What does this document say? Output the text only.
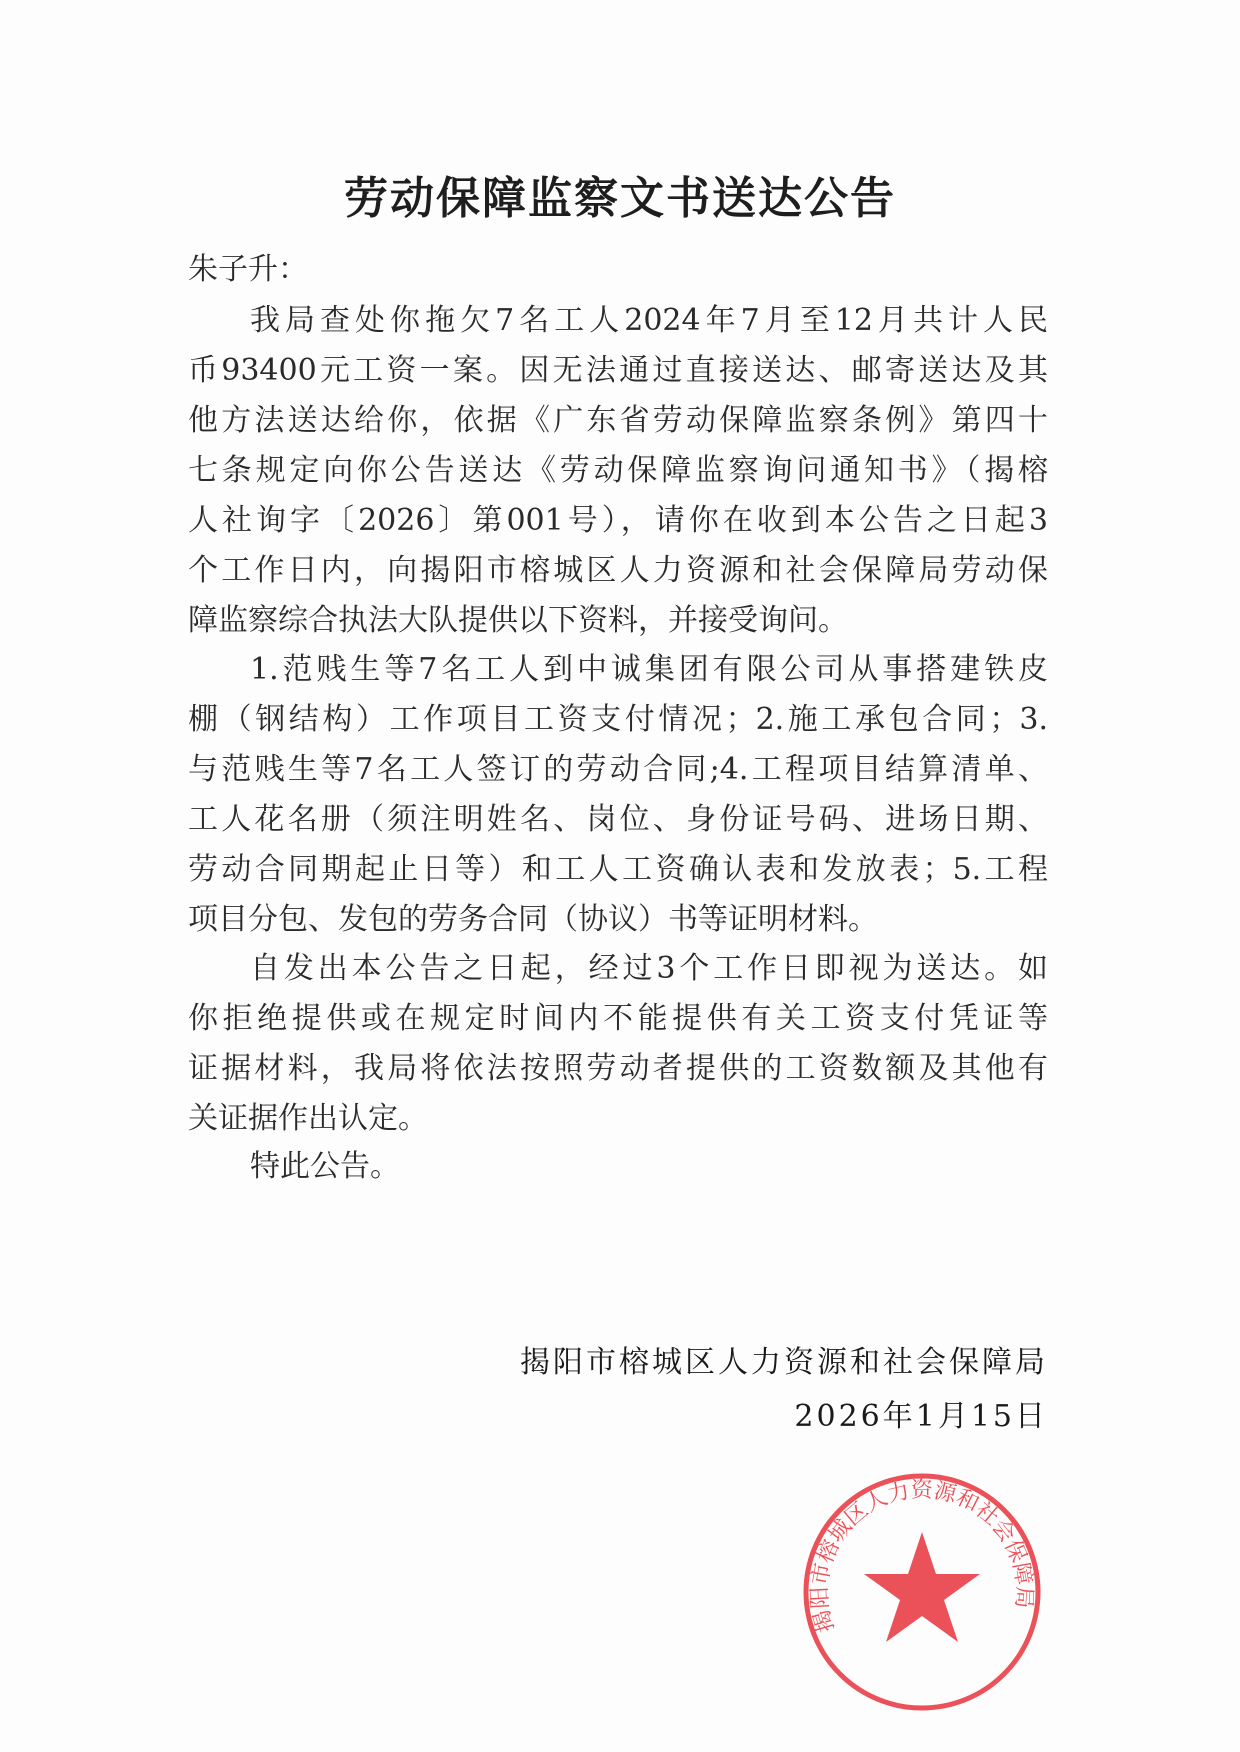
劳动保障监察文书送达公告
朱子升：
我局查处你拖欠7名工人2024年7月至12月共计人民
币93400元工资一案。因无法通过直接送达、邮寄送达及其
他方法送达给你，依据《广东省劳动保障监察条例》第四十
七条规定向你公告送达《劳动保障监察询问通知书》（揭榕
人社询字〔2026〕第001号），请你在收到本公告之日起3
个工作日内，向揭阳市榕城区人力资源和社会保障局劳动保
障监察综合执法大队提供以下资料，并接受询问。
1.范贱生等7名工人到中诚集团有限公司从事搭建铁皮
棚（钢结构）工作项目工资支付情况；2.施工承包合同；3.
与范贱生等7名工人签订的劳动合同;4.工程项目结算清单、
工人花名册（须注明姓名、岗位、身份证号码、进场日期、
劳动合同期起止日等）和工人工资确认表和发放表；5.工程
项目分包、发包的劳务合同（协议）书等证明材料。
自发出本公告之日起，经过3个工作日即视为送达。如
你拒绝提供或在规定时间内不能提供有关工资支付凭证等
证据材料，我局将依法按照劳动者提供的工资数额及其他有
关证据作出认定。
特此公告。
揭阳市榕城区人力资源和社会保障局
揭阳市榕城区人力资源和社会保障局
2026年1月15日
